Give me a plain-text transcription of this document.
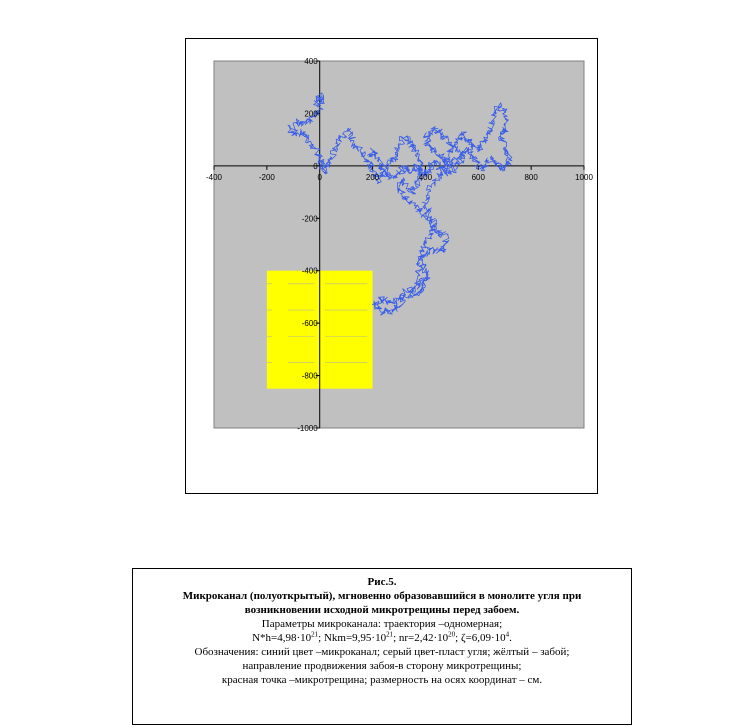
-400	-200	0	200	400	600	800	1000
400
200
0
-200
-400
-600
-800
-1000
Рис.5.
Микроканал (полуоткрытый), мгновенно образовавшийся в монолите угля при
возникновении исходной микротрещины перед забоем.
Параметры микроканала: траектория –одномерная;
$N*h=4,98\cdot 10^{21}$; $Nkm=9,95\cdot 10^{21}$; $nr=2,42\cdot 10^{20}$; $\zeta=6,09\cdot 10^4$.
Обозначения: синий цвет –микроканал; серый цвет-пласт угля; жёлтый – забой;
направление продвижения забоя-в сторону микротрещины;
красная точка –микротрещина; размерность на осях координат – см.
